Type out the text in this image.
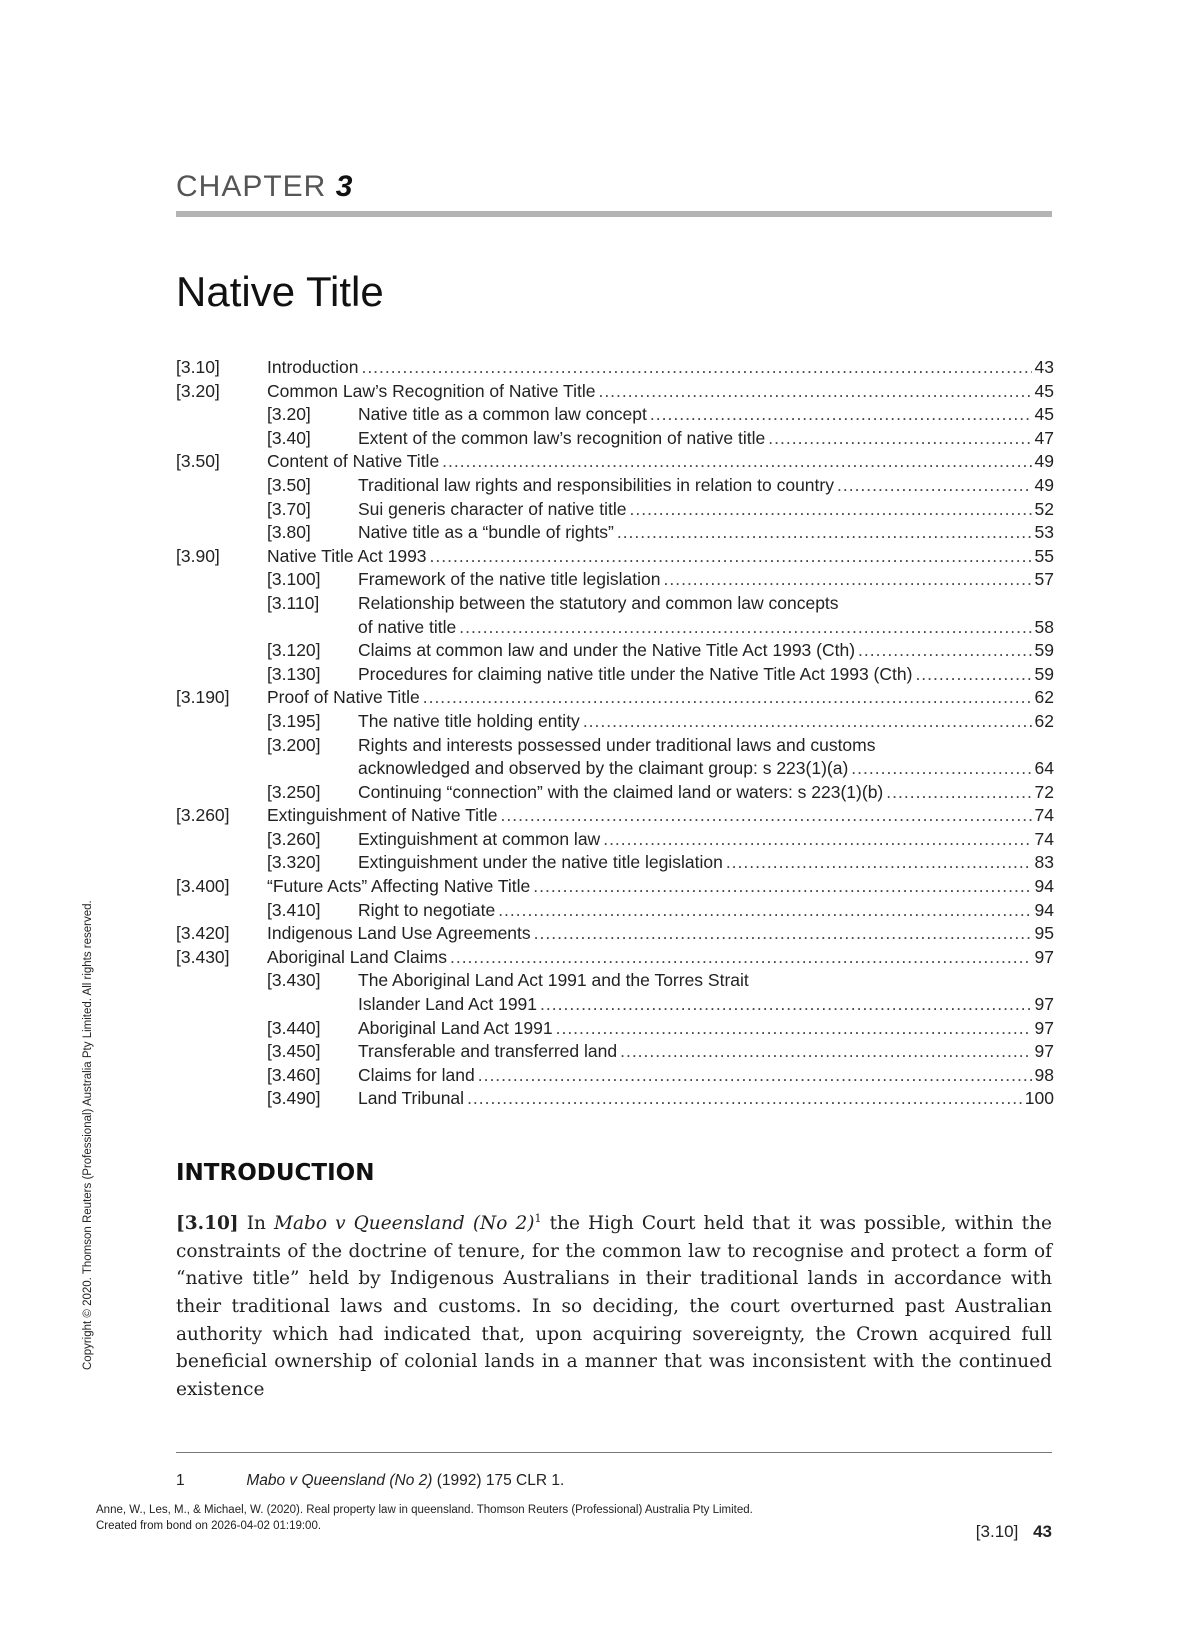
CHAPTER 3
Native Title
[3.10]	Introduction .....	43
[3.20]	Common Law’s Recognition of Native Title .....	45
[3.20]	Native title as a common law concept .....	45
[3.40]	Extent of the common law’s recognition of native title .....	47
[3.50]	Content of Native Title .....	49
[3.50]	Traditional law rights and responsibilities in relation to country .....	49
[3.70]	Sui generis character of native title .....	52
[3.80]	Native title as a “bundle of rights” .....	53
[3.90]	Native Title Act 1993 .....	55
[3.100] Framework of the native title legislation .....	57
[3.110] Relationship between the statutory and common law concepts
of native title .....	58
[3.120] Claims at common law and under the Native Title Act 1993 (Cth) .....	59
[3.130] Procedures for claiming native title under the Native Title Act 1993 (Cth) .....	59
[3.190] Proof of Native Title .....	62
[3.195] The native title holding entity .....	62
[3.200] Rights and interests possessed under traditional laws and customs
acknowledged and observed by the claimant group: s 223(1)(a) .....	64
[3.250] Continuing “connection” with the claimed land or waters: s 223(1)(b) .....	72
[3.260] Extinguishment of Native Title .....	74
[3.260] Extinguishment at common law .....	74
[3.320] Extinguishment under the native title legislation .....	83
[3.400] “Future Acts” Affecting Native Title .....	94
[3.410] Right to negotiate .....	94
[3.420] Indigenous Land Use Agreements .....	95
[3.430] Aboriginal Land Claims .....	97
[3.430] The Aboriginal Land Act 1991 and the Torres Strait
Islander Land Act 1991 .....	97
[3.440] Aboriginal Land Act 1991 .....	97
[3.450] Transferable and transferred land .....	97
[3.460] Claims for land .....	98
[3.490] Land Tribunal .....	100
INTRODUCTION
[3.10] In Mabo v Queensland (No 2)$^1$ the High Court held that it was possible, within the constraints of the doctrine of tenure, for the common law to recognise and protect a form of “native title” held by Indigenous Australians in their traditional lands in accordance with their traditional laws and customs. In so deciding, the court overturned past Australian authority which had indicated that, upon acquiring sovereignty, the Crown acquired full beneficial ownership of colonial lands in a manner that was inconsistent with the continued existence
Copyright © 2020. Thomson Reuters (Professional) Australia Pty Limited. All rights reserved.
1	Mabo v Queensland (No 2) (1992) 175 CLR 1.
Anne, W., Les, M., & Michael, W. (2020). Real property law in queensland. Thomson Reuters (Professional) Australia Pty Limited.
Created from bond on 2026-04-02 01:19:00.	[3.10] 43
